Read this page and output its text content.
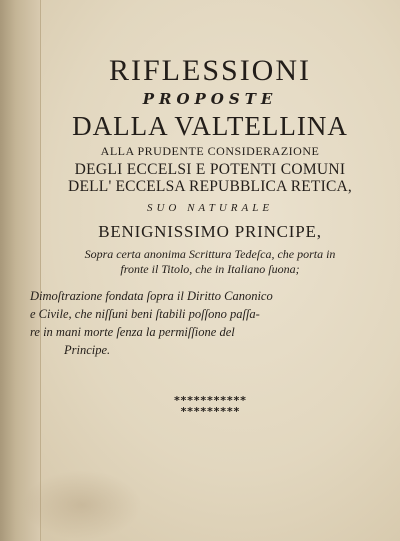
RIFLESSIONI
PROPOSTE
DALLA VALTELLINA
ALLA PRUDENTE CONSIDERAZIONE
DEGLI ECCELSI E POTENTI COMUNI
DELL' ECCELSA REPUBBLICA RETICA,
SUO NATURALE
BENIGNISSIMO PRINCIPE,
Sopra certa anonima Scrittura Tedeſca, che porta in
fronte il Titolo, che in Italiano ſuona;
Dimoſtrazione fondata ſopra il Diritto Canonico
e Civile, che niſſuni beni ſtabili poſſono paſſa-
re in mani morte ſenza la permiſſione del
Principe.
***********
*********
